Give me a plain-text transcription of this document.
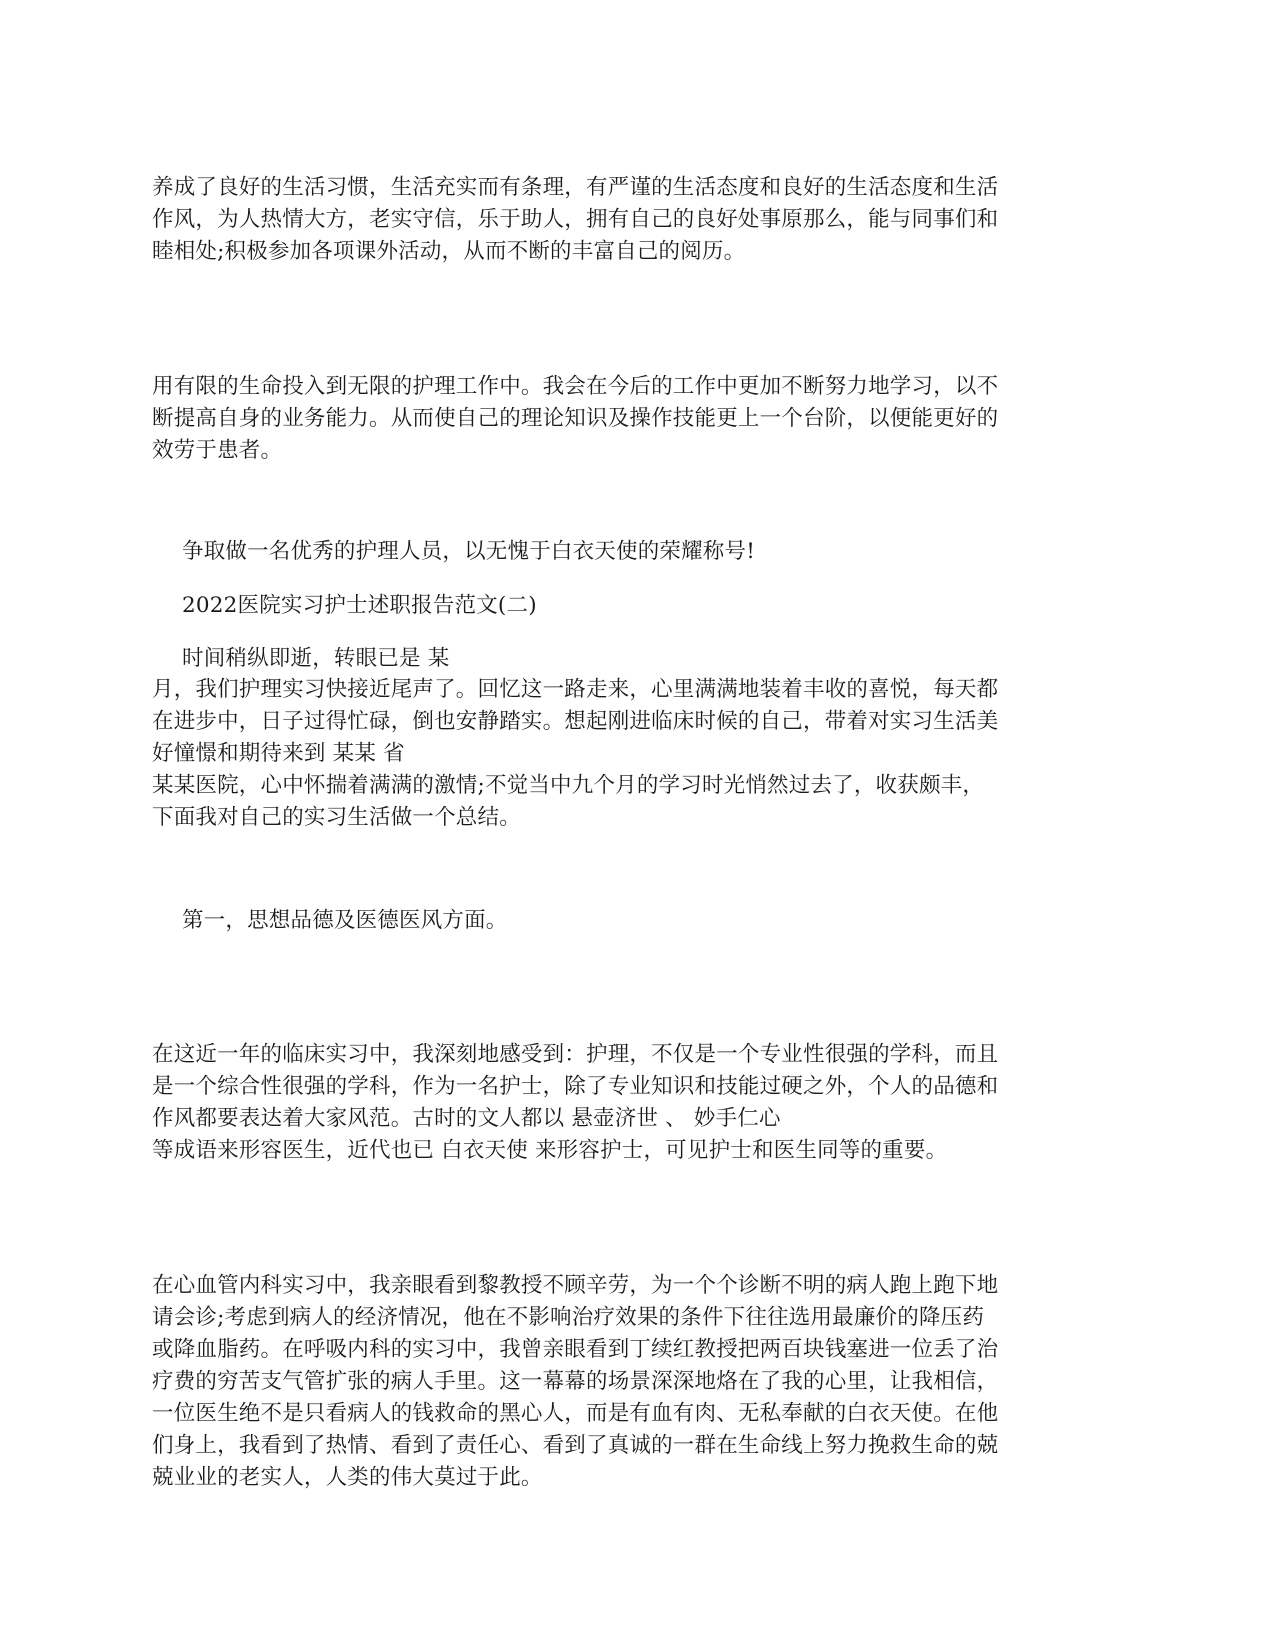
养成了良好的生活习惯，生活充实而有条理，有严谨的生活态度和良好的生活态度和生活
作风，为人热情大方，老实守信，乐于助人，拥有自己的良好处事原那么，能与同事们和
睦相处;积极参加各项课外活动，从而不断的丰富自己的阅历。
用有限的生命投入到无限的护理工作中。我会在今后的工作中更加不断努力地学习，以不
断提高自身的业务能力。从而使自己的理论知识及操作技能更上一个台阶，以便能更好的
效劳于患者。
争取做一名优秀的护理人员，以无愧于白衣天使的荣耀称号!
2022医院实习护士述职报告范文(二)
时间稍纵即逝，转眼已是 某
月，我们护理实习快接近尾声了。回忆这一路走来，心里满满地装着丰收的喜悦，每天都
在进步中，日子过得忙碌，倒也安静踏实。想起刚进临床时候的自己，带着对实习生活美
好憧憬和期待来到 某某 省
某某医院，心中怀揣着满满的激情;不觉当中九个月的学习时光悄然过去了，收获颇丰，
下面我对自己的实习生活做一个总结。
第一，思想品德及医德医风方面。
在这近一年的临床实习中，我深刻地感受到：护理，不仅是一个专业性很强的学科，而且
是一个综合性很强的学科，作为一名护士，除了专业知识和技能过硬之外，个人的品德和
作风都要表达着大家风范。古时的文人都以 悬壶济世 、 妙手仁心
等成语来形容医生，近代也已 白衣天使 来形容护士，可见护士和医生同等的重要。
在心血管内科实习中，我亲眼看到黎教授不顾辛劳，为一个个诊断不明的病人跑上跑下地
请会诊;考虑到病人的经济情况，他在不影响治疗效果的条件下往往选用最廉价的降压药
或降血脂药。在呼吸内科的实习中，我曾亲眼看到丁续红教授把两百块钱塞进一位丢了治
疗费的穷苦支气管扩张的病人手里。这一幕幕的场景深深地烙在了我的心里，让我相信，
一位医生绝不是只看病人的钱救命的黑心人，而是有血有肉、无私奉献的白衣天使。在他
们身上，我看到了热情、看到了责任心、看到了真诚的一群在生命线上努力挽救生命的兢
兢业业的老实人，人类的伟大莫过于此。
